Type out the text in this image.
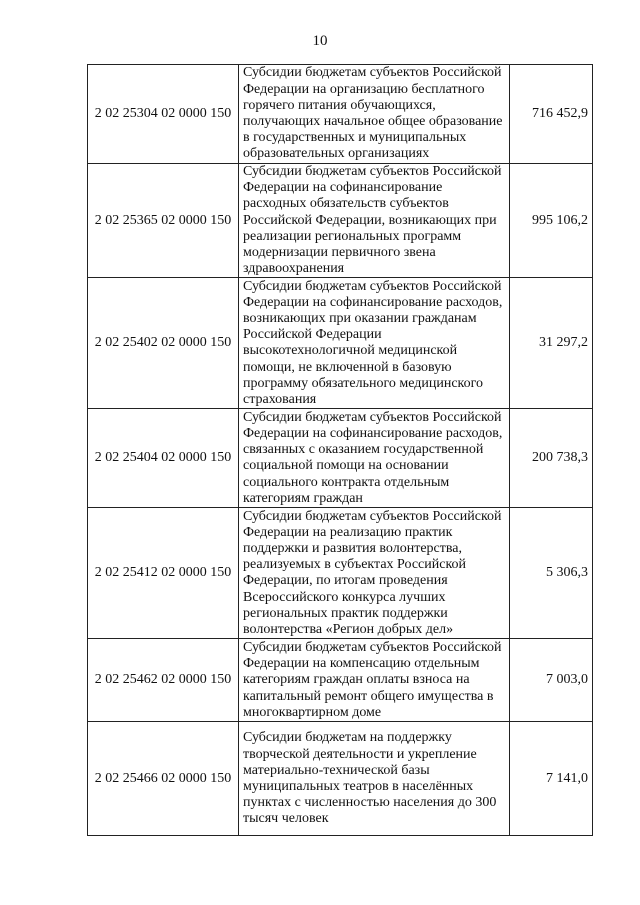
10
2 02 25304 02 0000 150	Субсидии бюджетам субъектов Российской Федерации на организацию бесплатного горячего питания обучающихся, получающих начальное общее образование в государственных и муниципальных образовательных организациях	716 452,9
2 02 25365 02 0000 150	Субсидии бюджетам субъектов Российской Федерации на софинансирование расходных обязательств субъектов Российской Федерации, возникающих при реализации региональных программ модернизации первичного звена здравоохранения	995 106,2
2 02 25402 02 0000 150	Субсидии бюджетам субъектов Российской Федерации на софинансирование расходов, возникающих при оказании гражданам Российской Федерации высокотехнологичной медицинской помощи, не включенной в базовую программу обязательного медицинского страхования	31 297,2
2 02 25404 02 0000 150	Субсидии бюджетам субъектов Российской Федерации на софинансирование расходов, связанных с оказанием государственной социальной помощи на основании социального контракта отдельным категориям граждан	200 738,3
2 02 25412 02 0000 150	Субсидии бюджетам субъектов Российской Федерации на реализацию практик поддержки и развития волонтерства, реализуемых в субъектах Российской Федерации, по итогам проведения Всероссийского конкурса лучших региональных практик поддержки волонтерства «Регион добрых дел»	5 306,3
2 02 25462 02 0000 150	Субсидии бюджетам субъектов Российской Федерации на компенсацию отдельным категориям граждан оплаты взноса на капитальный ремонт общего имущества в многоквартирном доме	7 003,0
2 02 25466 02 0000 150	Субсидии бюджетам на поддержку творческой деятельности и укрепление материально-технической базы муниципальных театров в населённых пунктах с численностью населения до 300 тысяч человек	7 141,0
